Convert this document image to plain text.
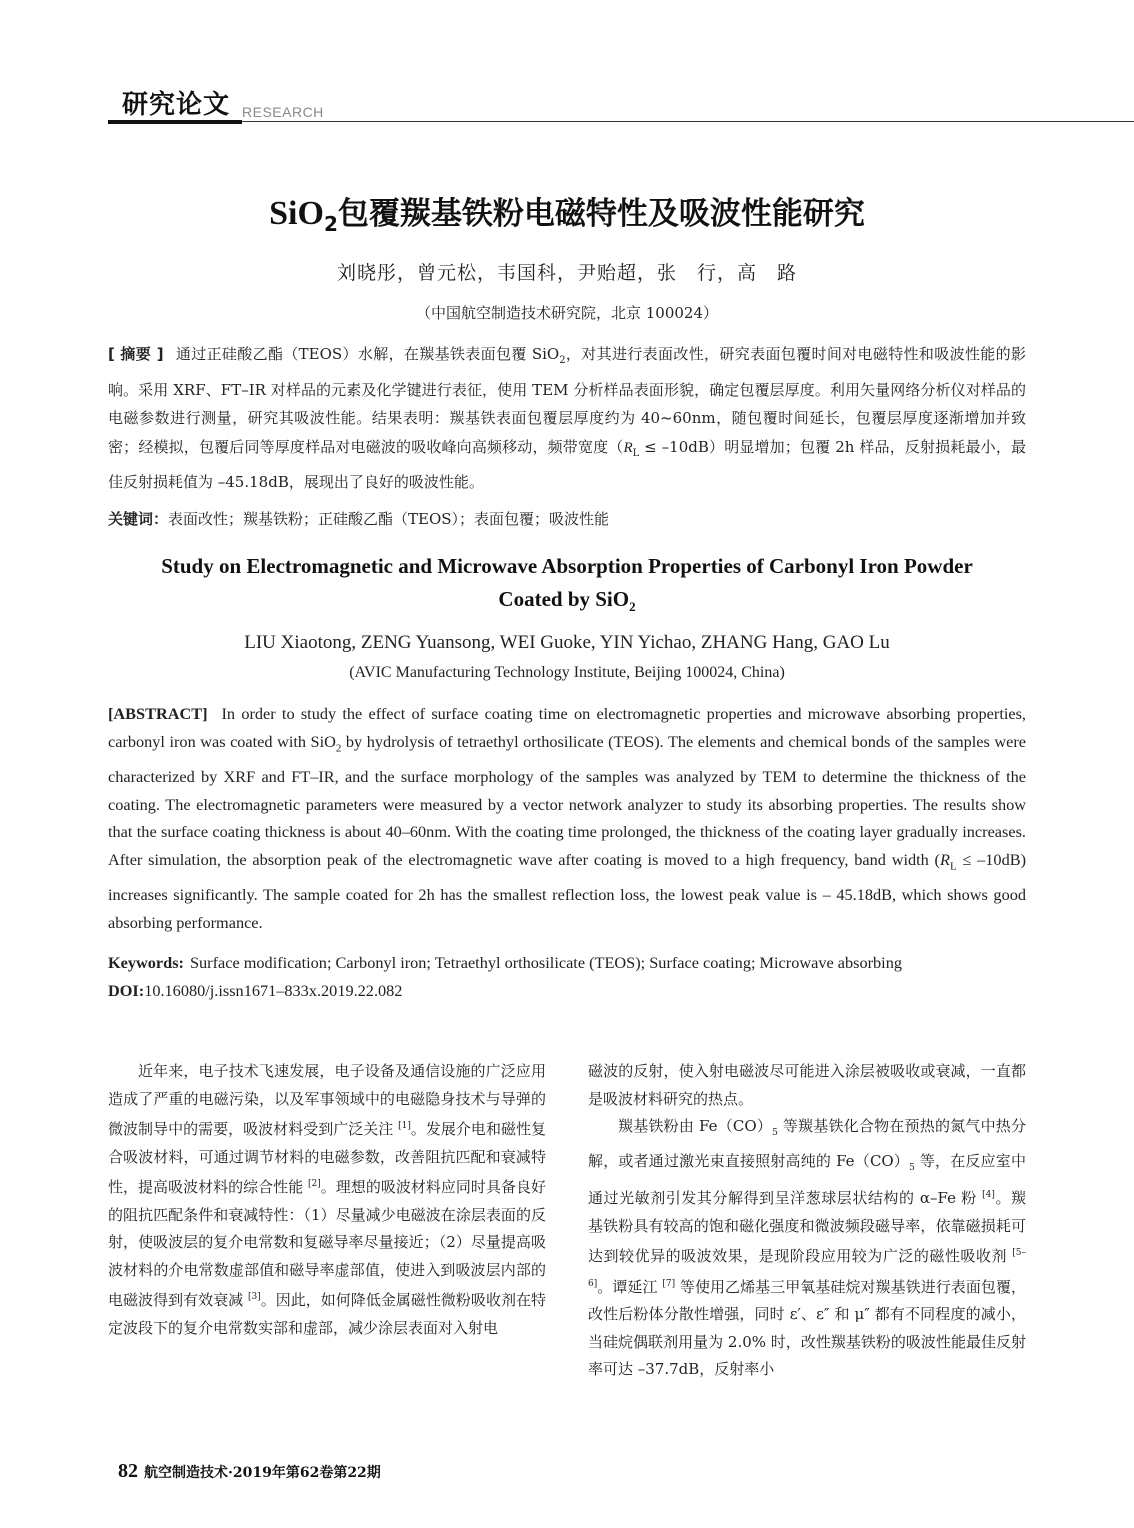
研究论文 RESEARCH
SiO$_2$包覆羰基铁粉电磁特性及吸波性能研究
刘晓彤，曾元松，韦国科，尹贻超，张　行，高　路
（中国航空制造技术研究院，北京 100024）
[ 摘要 ] 通过正硅酸乙酯（TEOS）水解，在羰基铁表面包覆 SiO$_2$，对其进行表面改性，研究表面包覆时间对电磁特性和吸波性能的影响。采用 XRF、FT–IR 对样品的元素及化学键进行表征，使用 TEM 分析样品表面形貌，确定包覆层厚度。利用矢量网络分析仪对样品的电磁参数进行测量，研究其吸波性能。结果表明：羰基铁表面包覆层厚度约为 40~60nm，随包覆时间延长，包覆层厚度逐渐增加并致密；经模拟，包覆后同等厚度样品对电磁波的吸收峰向高频移动，频带宽度$(R_L \le -10dB)$明显增加；包覆 2h 样品，反射损耗最小，最佳反射损耗值为 –45.18dB，展现出了良好的吸波性能。
关键词：表面改性；羰基铁粉；正硅酸乙酯（TEOS）；表面包覆；吸波性能
Study on Electromagnetic and Microwave Absorption Properties of Carbonyl Iron Powder
Coated by SiO$_2$
LIU Xiaotong, ZENG Yuansong, WEI Guoke, YIN Yichao, ZHANG Hang, GAO Lu
(AVIC Manufacturing Technology Institute, Beijing 100024, China)
[ABSTRACT] In order to study the effect of surface coating time on electromagnetic properties and microwave absorbing properties, carbonyl iron was coated with SiO$_2$ by hydrolysis of tetraethyl orthosilicate (TEOS). The elements and chemical bonds of the samples were characterized by XRF and FT–IR, and the surface morphology of the samples was analyzed by TEM to determine the thickness of the coating. The electromagnetic parameters were measured by a vector network analyzer to study its absorbing properties. The results show that the surface coating thickness is about 40–60nm. With the coating time prolonged, the thickness of the coating layer gradually increases. After simulation, the absorption peak of the electromagnetic wave after coating is moved to a high frequency, band width $(R_L \le -10dB)$ increases significantly. The sample coated for 2h has the smallest reflection loss, the lowest peak value is – 45.18dB, which shows good absorbing performance.
Keywords: Surface modification; Carbonyl iron; Tetraethyl orthosilicate (TEOS); Surface coating; Microwave absorbing
DOI:10.16080/j.issn1671–833x.2019.22.082

近年来，电子技术飞速发展，电子设备及通信设施的广泛应用造成了严重的电磁污染，以及军事领域中的电磁隐身技术与导弹的微波制导中的需要，吸波材料受到广泛关注 [1]。发展介电和磁性复合吸波材料，可通过调节材料的电磁参数，改善阻抗匹配和衰减特性，提高吸波材料的综合性能 [2]。理想的吸波材料应同时具备良好的阻抗匹配条件和衰减特性：（1）尽量减少电磁波在涂层表面的反射，使吸波层的复介电常数和复磁导率尽量接近；（2）尽量提高吸波材料的介电常数虚部值和磁导率虚部值，使进入到吸波层内部的电磁波得到有效衰减 [3]。因此，如何降低金属磁性微粉吸收剂在特定波段下的复介电常数实部和虚部，减少涂层表面对入射电

磁波的反射，使入射电磁波尽可能进入涂层被吸收或衰减，一直都是吸波材料研究的热点。

羰基铁粉由 $Fe(CO)_5$ 等羰基铁化合物在预热的氮气中热分解，或者通过激光束直接照射高纯的 $Fe(CO)_5$ 等，在反应室中通过光敏剂引发其分解得到呈洋葱球层状结构的 α–Fe 粉 [4]。羰基铁粉具有较高的饱和磁化强度和微波频段磁导率，依靠磁损耗可达到较优异的吸波效果，是现阶段应用较为广泛的磁性吸收剂 [5–6]。谭延江 [7] 等使用乙烯基三甲氧基硅烷对羰基铁进行表面包覆，改性后粉体分散性增强，同时 ε′、ε″ 和 μ″ 都有不同程度的减小，当硅烷偶联剂用量为 2.0% 时，改性羰基铁粉的吸波性能最佳反射率可达 –37.7dB，反射率小

82 航空制造技术·2019年第62卷第22期
